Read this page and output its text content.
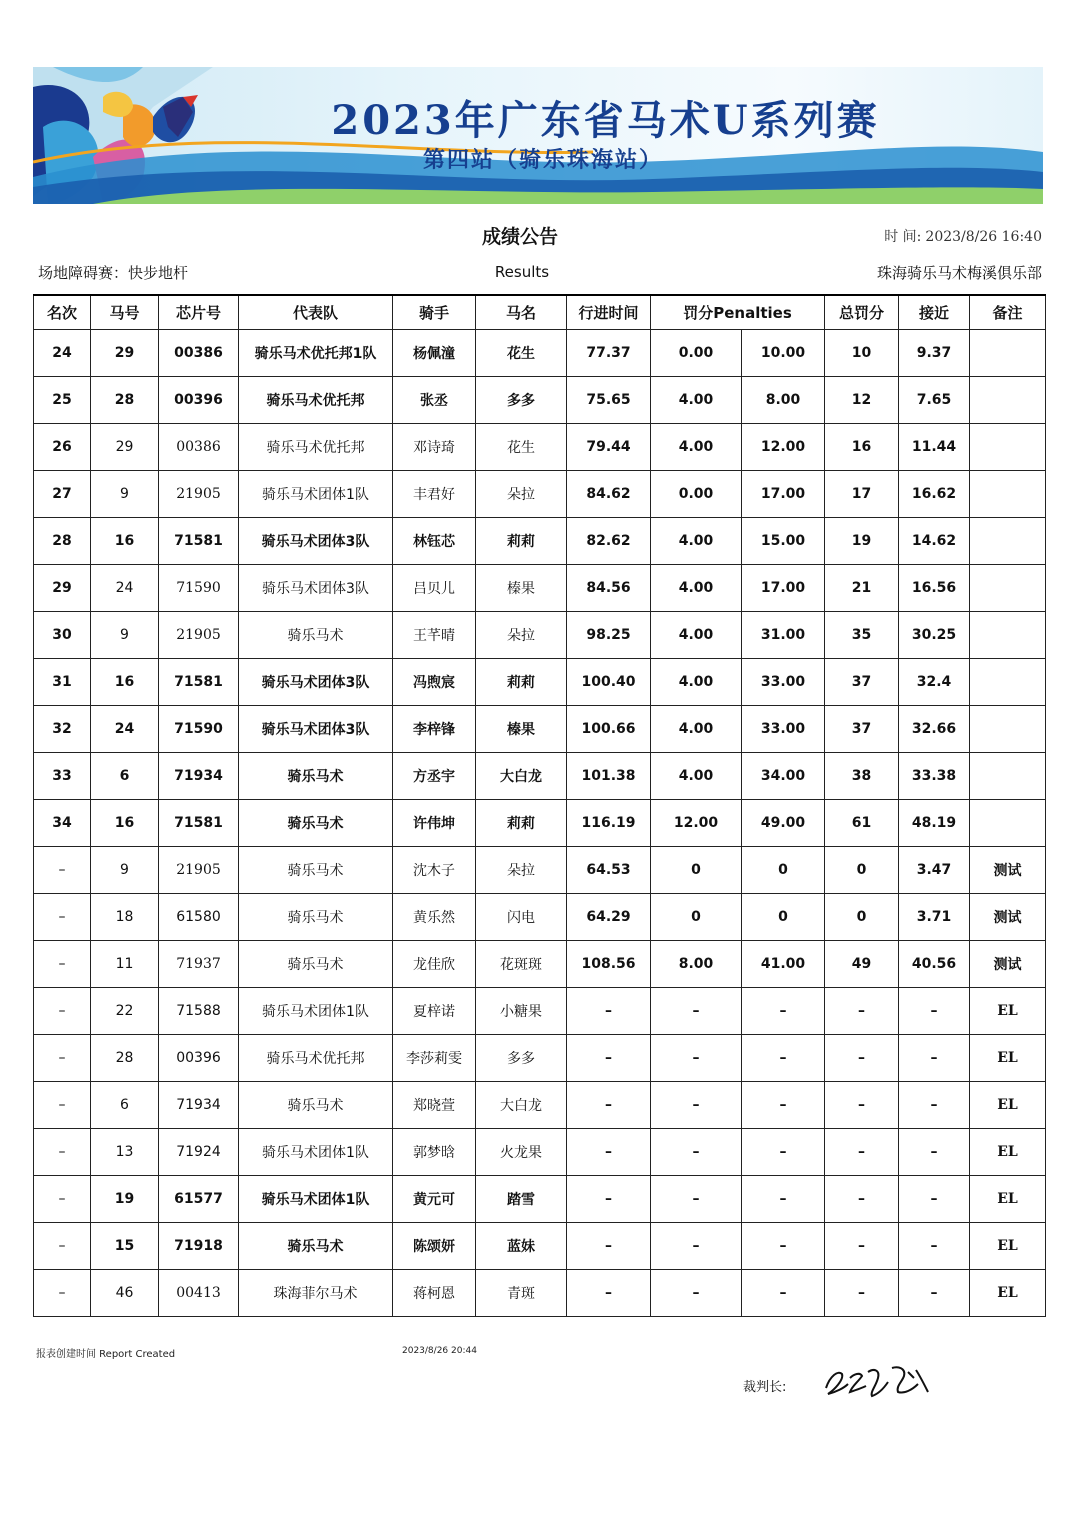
2023年广东省马术U系列赛
第四站（骑乐珠海站）
成绩公告	时 间: 2023/8/26 16:40
场地障碍赛：快步地杆	Results	珠海骑乐马术梅溪俱乐部
名次	马号	芯片号	代表队	骑手	马名	行进时间	罚分Penalties		总罚分	接近	备注
24	29	00386	骑乐马术优托邦1队	杨佩潼	花生	77.37	0.00	10.00	10	9.37	
25	28	00396	骑乐马术优托邦	张丞	多多	75.65	4.00	8.00	12	7.65	
26	29	00386	骑乐马术优托邦	邓诗琦	花生	79.44	4.00	12.00	16	11.44	
27	9	21905	骑乐马术团体1队	丰君好	朵拉	84.62	0.00	17.00	17	16.62	
28	16	71581	骑乐马术团体3队	林钰芯	莉莉	82.62	4.00	15.00	19	14.62	
29	24	71590	骑乐马术团体3队	吕贝儿	榛果	84.56	4.00	17.00	21	16.56	
30	9	21905	骑乐马术	王芊晴	朵拉	98.25	4.00	31.00	35	30.25	
31	16	71581	骑乐马术团体3队	冯煦宸	莉莉	100.40	4.00	33.00	37	32.4	
32	24	71590	骑乐马术团体3队	李梓锋	榛果	100.66	4.00	33.00	37	32.66	
33	6	71934	骑乐马术	方丞宇	大白龙	101.38	4.00	34.00	38	33.38	
34	16	71581	骑乐马术	许伟坤	莉莉	116.19	12.00	49.00	61	48.19	
–	9	21905	骑乐马术	沈木子	朵拉	64.53	0	0	0	3.47	测试
–	18	61580	骑乐马术	黄乐然	闪电	64.29	0	0	0	3.71	测试
–	11	71937	骑乐马术	龙佳欣	花斑斑	108.56	8.00	41.00	49	40.56	测试
–	22	71588	骑乐马术团体1队	夏梓诺	小糖果	–	–	–	–	–	EL
–	28	00396	骑乐马术优托邦	李莎莉雯	多多	–	–	–	–	–	EL
–	6	71934	骑乐马术	郑晓萱	大白龙	–	–	–	–	–	EL
–	13	71924	骑乐马术团体1队	郭梦晗	火龙果	–	–	–	–	–	EL
–	19	61577	骑乐马术团体1队	黄元可	踏雪	–	–	–	–	–	EL
–	15	71918	骑乐马术	陈颂妍	蓝妹	–	–	–	–	–	EL
–	46	00413	珠海菲尔马术	蒋柯恩	青斑	–	–	–	–	–	EL
报表创建时间 Report Created	2023/8/26 20:44
裁判长:
